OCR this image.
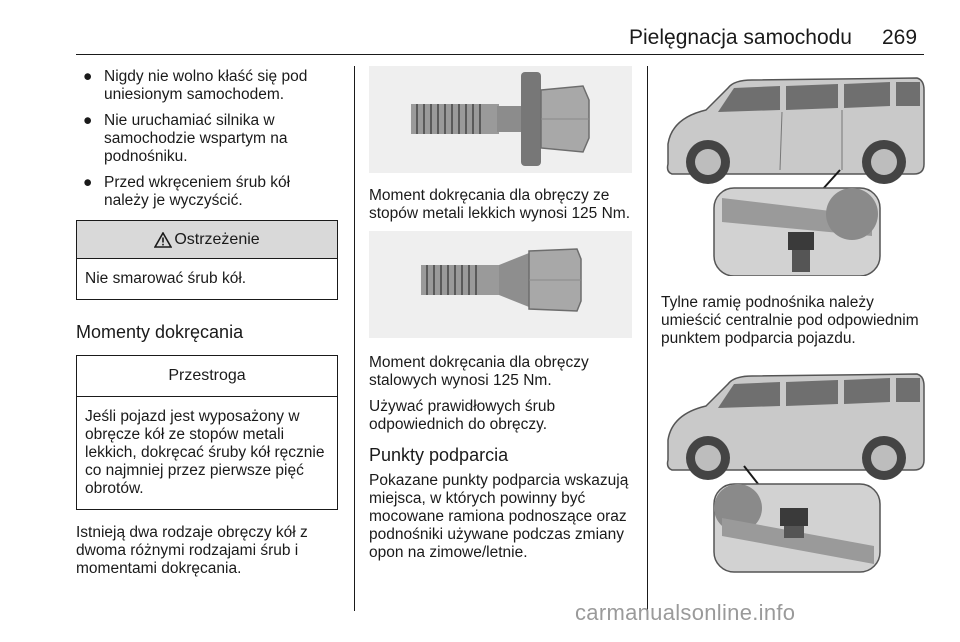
Pielęgnacja samochodu 269
● Nigdy nie wolno kłaść się pod uniesionym samochodem.
● Nie uruchamiać silnika w samochodzie wspartym na podnośniku.
● Przed wkręceniem śrub kół należy je wyczyścić.
Ostrzeżenie
Nie smarować śrub kół.
Momenty dokręcania
Przestroga
Jeśli pojazd jest wyposażony w obręcze kół ze stopów metali lekkich, dokręcać śruby kół ręcznie co najmniej przez pierwsze pięć obrotów.
Istnieją dwa rodzaje obręczy kół z dwoma różnymi rodzajami śrub i momentami dokręcania.
Moment dokręcania dla obręczy ze stopów metali lekkich wynosi 125 Nm.
Moment dokręcania dla obręczy stalowych wynosi 125 Nm.
Używać prawidłowych śrub odpowiednich do obręczy.
Punkty podparcia
Pokazane punkty podparcia wskazują miejsca, w których powinny być mocowane ramiona podnoszące oraz podnośniki używane podczas zmiany opon na zimowe/letnie.
Tylne ramię podnośnika należy umieścić centralnie pod odpowiednim punktem podparcia pojazdu.
carmanualsonline.info
